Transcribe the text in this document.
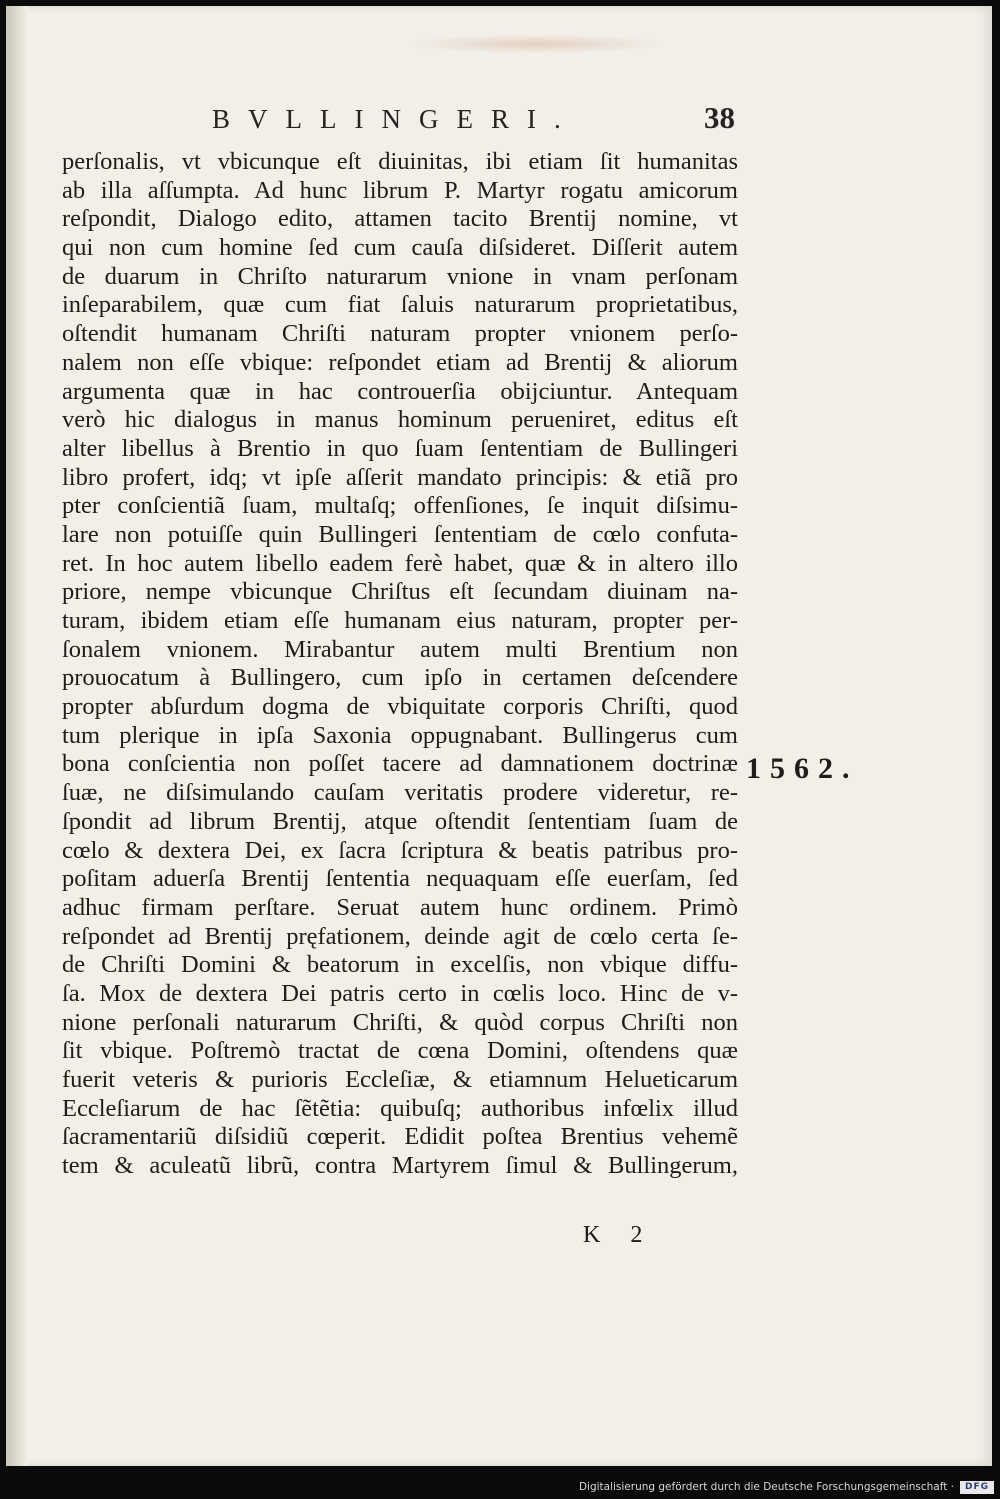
BVLLINGERI.	38
perſonalis, vt vbicunque eſt diuinitas, ibi etiam ſit humanitas
ab illa aſſumpta. Ad hunc librum P. Martyr rogatu amicorum
reſpondit, Dialogo edito, attamen tacito Brentij nomine, vt
qui non cum homine ſed cum cauſa diſsideret. Diſſerit autem
de duarum in Chriſto naturarum vnione in vnam perſonam
inſeparabilem, quæ cum fiat ſaluis naturarum proprietatibus,
oſtendit humanam Chriſti naturam propter vnionem perſo-
nalem non eſſe vbique: reſpondet etiam ad Brentij & aliorum
argumenta quæ in hac controuerſia obijciuntur. Antequam
verò hic dialogus in manus hominum perueniret, editus eſt
alter libellus à Brentio in quo ſuam ſententiam de Bullingeri
libro profert, idq; vt ipſe aſſerit mandato principis: & etiã pro
pter conſcientiã ſuam, multaſq; offenſiones, ſe inquit diſsimu-
lare non potuiſſe quin Bullingeri ſententiam de cœlo confuta-
ret. In hoc autem libello eadem ferè habet, quæ & in altero illo
priore, nempe vbicunque Chriſtus eſt ſecundam diuinam na-
turam, ibidem etiam eſſe humanam eius naturam, propter per-
ſonalem vnionem. Mirabantur autem multi Brentium non
prouocatum à Bullingero, cum ipſo in certamen deſcendere
propter abſurdum dogma de vbiquitate corporis Chriſti, quod
tum plerique in ipſa Saxonia oppugnabant. Bullingerus cum
bona conſcientia non poſſet tacere ad damnationem doctrinæ
ſuæ, ne diſsimulando cauſam veritatis prodere videretur, re-
ſpondit ad librum Brentij, atque oſtendit ſententiam ſuam de
cœlo & dextera Dei, ex ſacra ſcriptura & beatis patribus pro-
poſitam aduerſa Brentij ſententia nequaquam eſſe euerſam, ſed
adhuc firmam perſtare. Seruat autem hunc ordinem. Primò
reſpondet ad Brentij pręfationem, deinde agit de cœlo certa ſe-
de Chriſti Domini & beatorum in excelſis, non vbique diffu-
ſa. Mox de dextera Dei patris certo in cœlis loco. Hinc de v-
nione perſonali naturarum Chriſti, & quòd corpus Chriſti non
ſit vbique. Poſtremò tractat de cœna Domini, oſtendens quæ
fuerit veteris & purioris Eccleſiæ, & etiamnum Helueticarum
Eccleſiarum de hac ſẽtẽtia: quibuſq; authoribus infœlix illud
ſacramentariũ diſsidiũ cœperit. Edidit poſtea Brentius vehemẽ
tem & aculeatũ librũ, contra Martyrem ſimul & Bullingerum,
1562.
K 2
Digitalisierung gefördert durch die Deutsche Forschungsgemeinschaft ·	DFG
